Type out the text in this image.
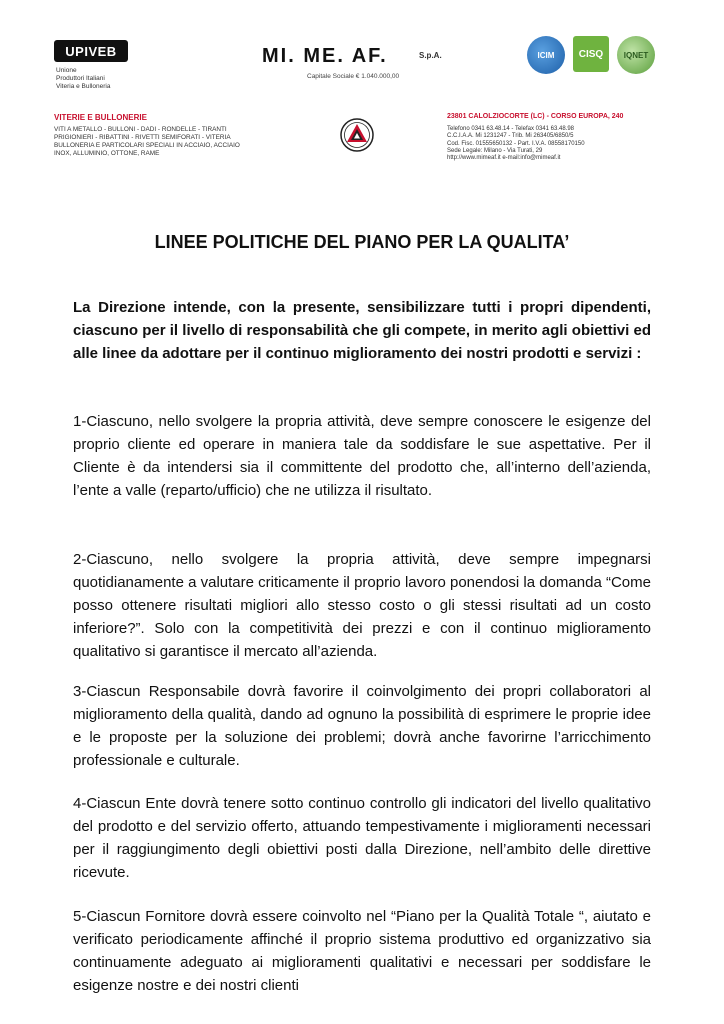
UPIVEB
Unione
Produttori Italiani
Viteria e Bulloneria
MI. ME. AF.	S.p.A.
Capitale Sociale € 1.040.000,00
ICIM	CISQ	IQNET
VITERIE E BULLONERIE
VITI A METALLO - BULLONI - DADI - RONDELLE - TIRANTI
PRIGIONIERI - RIBATTINI - RIVETTI SEMIFORATI - VITERIA
BULLONERIA E PARTICOLARI SPECIALI IN ACCIAIO, ACCIAIO
INOX, ALLUMINIO, OTTONE, RAME
23801 CALOLZIOCORTE (LC) - CORSO EUROPA, 240
Telefono 0341 63.48.14 - Telefax 0341 63.48.98
C.C.I.A.A. Mi 1231247 - Trib. Mi 263405/6850/5
Cod. Fisc. 01555650132 - Part. I.V.A. 08558170150
Sede Legale: Milano - Via Turati, 29
http://www.mimeaf.it e-mail:info@mimeaf.it
LINEE POLITICHE DEL PIANO PER LA QUALITA’
La Direzione intende, con la presente, sensibilizzare tutti i propri dipendenti, ciascuno per il livello di responsabilità che gli compete, in merito agli obiettivi ed alle linee da adottare per il continuo miglioramento dei nostri prodotti e servizi :
1-Ciascuno, nello svolgere la propria attività, deve sempre conoscere le esigenze del proprio cliente ed operare in maniera tale da soddisfare le sue aspettative. Per il Cliente è da intendersi sia il committente del prodotto che, all’interno dell’azienda, l’ente a valle (reparto/ufficio) che ne utilizza il risultato.
2-Ciascuno, nello svolgere la propria attività, deve sempre impegnarsi quotidianamente a valutare criticamente il proprio lavoro ponendosi la domanda “Come posso ottenere risultati migliori allo stesso costo o gli stessi risultati ad un costo inferiore?”. Solo con la competitività dei prezzi e con il continuo miglioramento qualitativo si garantisce il mercato all’azienda.
3-Ciascun Responsabile dovrà favorire il coinvolgimento dei propri collaboratori al miglioramento della qualità, dando ad ognuno la possibilità di esprimere le proprie idee e le proposte per la soluzione dei problemi; dovrà anche favorirne l’arricchimento professionale e culturale.
4-Ciascun Ente dovrà tenere sotto continuo controllo gli indicatori del livello qualitativo del prodotto e del servizio offerto, attuando tempestivamente i miglioramenti necessari per il raggiungimento degli obiettivi posti dalla Direzione, nell’ambito delle direttive ricevute.
5-Ciascun Fornitore dovrà essere coinvolto nel “Piano per la Qualità Totale “, aiutato e verificato periodicamente affinché il proprio sistema produttivo ed organizzativo sia continuamente adeguato ai miglioramenti qualitativi e necessari per soddisfare le esigenze nostre e dei nostri clienti
